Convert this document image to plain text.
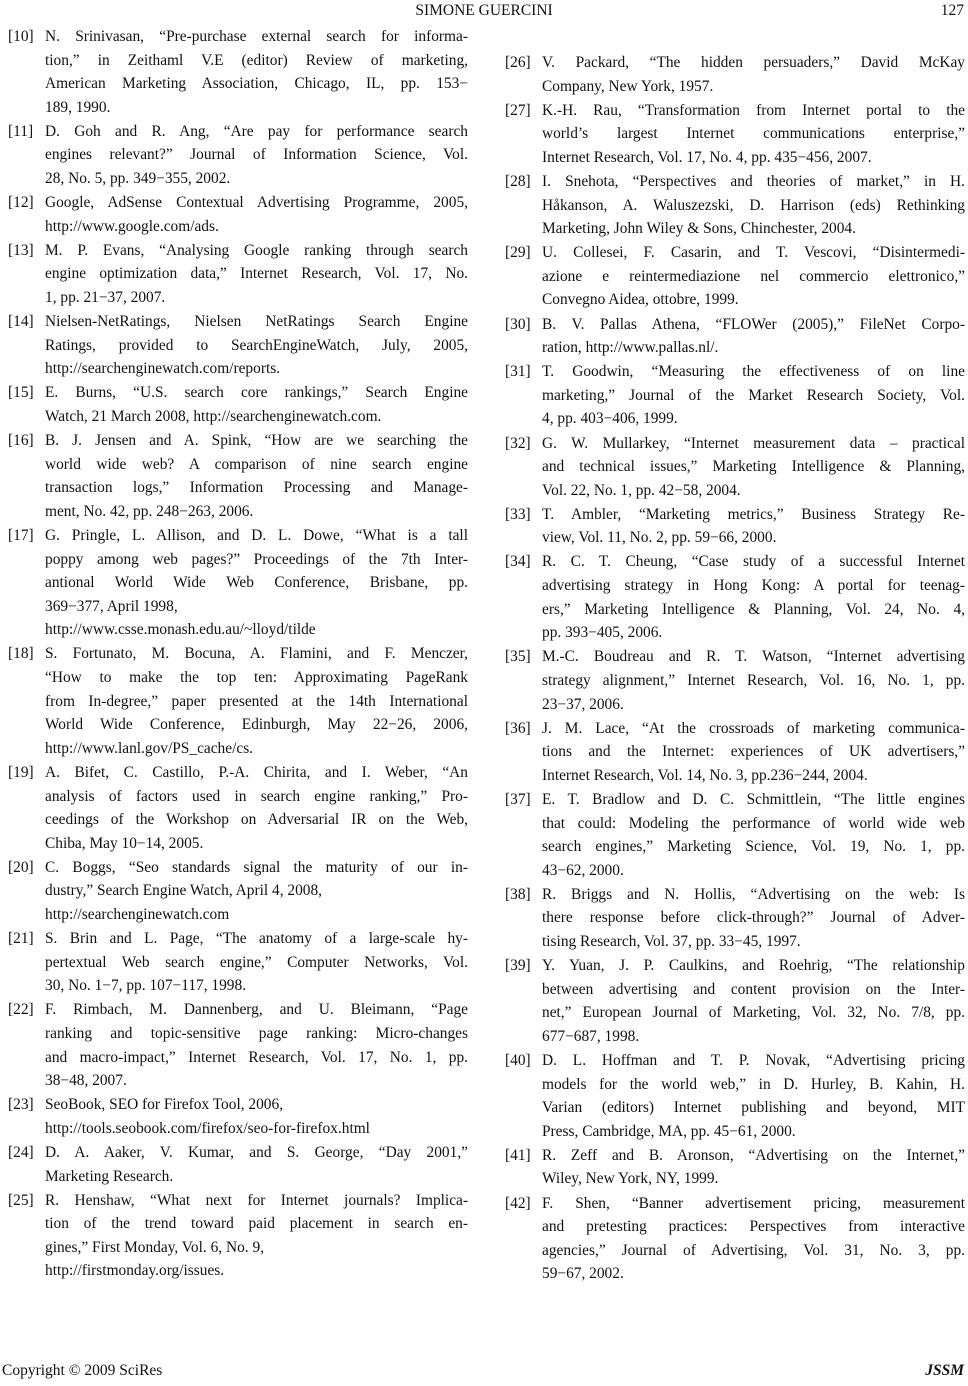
SIMONE GUERCINI	127
[10] N. Srinivasan, “Pre-purchase external search for informa-
tion,” in Zeithaml V.E (editor) Review of marketing,
American Marketing Association, Chicago, IL, pp. 153−
189, 1990.
[11] D. Goh and R. Ang, “Are pay for performance search
engines relevant?” Journal of Information Science, Vol.
28, No. 5, pp. 349−355, 2002.
[12] Google, AdSense Contextual Advertising Programme, 2005,
http://www.google.com/ads.
[13] M. P. Evans, “Analysing Google ranking through search
engine optimization data,” Internet Research, Vol. 17, No.
1, pp. 21−37, 2007.
[14] Nielsen-NetRatings, Nielsen NetRatings Search Engine
Ratings, provided to SearchEngineWatch, July, 2005,
http://searchenginewatch.com/reports.
[15] E. Burns, “U.S. search core rankings,” Search Engine
Watch, 21 March 2008, http://searchenginewatch.com.
[16] B. J. Jensen and A. Spink, “How are we searching the
world wide web? A comparison of nine search engine
transaction logs,” Information Processing and Manage-
ment, No. 42, pp. 248−263, 2006.
[17] G. Pringle, L. Allison, and D. L. Dowe, “What is a tall
poppy among web pages?” Proceedings of the 7th Inter-
antional World Wide Web Conference, Brisbane, pp.
369−377, April 1998,
http://www.csse.monash.edu.au/~lloyd/tilde
[18] S. Fortunato, M. Bocuna, A. Flamini, and F. Menczer,
“How to make the top ten: Approximating PageRank
from In-degree,” paper presented at the 14th International
World Wide Conference, Edinburgh, May 22−26, 2006,
http://www.lanl.gov/PS_cache/cs.
[19] A. Bifet, C. Castillo, P.-A. Chirita, and I. Weber, “An
analysis of factors used in search engine ranking,” Pro-
ceedings of the Workshop on Adversarial IR on the Web,
Chiba, May 10−14, 2005.
[20] C. Boggs, “Seo standards signal the maturity of our in-
dustry,” Search Engine Watch, April 4, 2008,
http://searchenginewatch.com
[21] S. Brin and L. Page, “The anatomy of a large-scale hy-
pertextual Web search engine,” Computer Networks, Vol.
30, No. 1−7, pp. 107−117, 1998.
[22] F. Rimbach, M. Dannenberg, and U. Bleimann, “Page
ranking and topic-sensitive page ranking: Micro-changes
and macro-impact,” Internet Research, Vol. 17, No. 1, pp.
38−48, 2007.
[23] SeoBook, SEO for Firefox Tool, 2006,
http://tools.seobook.com/firefox/seo-for-firefox.html
[24] D. A. Aaker, V. Kumar, and S. George, “Day 2001,”
Marketing Research.
[25] R. Henshaw, “What next for Internet journals? Implica-
tion of the trend toward paid placement in search en-
gines,” First Monday, Vol. 6, No. 9,
http://firstmonday.org/issues.
[26] V. Packard, “The hidden persuaders,” David McKay
Company, New York, 1957.
[27] K.-H. Rau, “Transformation from Internet portal to the
world’s largest Internet communications enterprise,”
Internet Research, Vol. 17, No. 4, pp. 435−456, 2007.
[28] I. Snehota, “Perspectives and theories of market,” in H.
Håkanson, A. Waluszezski, D. Harrison (eds) Rethinking
Marketing, John Wiley & Sons, Chinchester, 2004.
[29] U. Collesei, F. Casarin, and T. Vescovi, “Disintermedi-
azione e reintermediazione nel commercio elettronico,”
Convegno Aidea, ottobre, 1999.
[30] B. V. Pallas Athena, “FLOWer (2005),” FileNet Corpo-
ration, http://www.pallas.nl/.
[31] T. Goodwin, “Measuring the effectiveness of on line
marketing,” Journal of the Market Research Society, Vol.
4, pp. 403−406, 1999.
[32] G. W. Mullarkey, “Internet measurement data – practical
and technical issues,” Marketing Intelligence & Planning,
Vol. 22, No. 1, pp. 42−58, 2004.
[33] T. Ambler, “Marketing metrics,” Business Strategy Re-
view, Vol. 11, No. 2, pp. 59−66, 2000.
[34] R. C. T. Cheung, “Case study of a successful Internet
advertising strategy in Hong Kong: A portal for teenag-
ers,” Marketing Intelligence & Planning, Vol. 24, No. 4,
pp. 393−405, 2006.
[35] M.-C. Boudreau and R. T. Watson, “Internet advertising
strategy alignment,” Internet Research, Vol. 16, No. 1, pp.
23−37, 2006.
[36] J. M. Lace, “At the crossroads of marketing communica-
tions and the Internet: experiences of UK advertisers,”
Internet Research, Vol. 14, No. 3, pp.236−244, 2004.
[37] E. T. Bradlow and D. C. Schmittlein, “The little engines
that could: Modeling the performance of world wide web
search engines,” Marketing Science, Vol. 19, No. 1, pp.
43−62, 2000.
[38] R. Briggs and N. Hollis, “Advertising on the web: Is
there response before click-through?” Journal of Adver-
tising Research, Vol. 37, pp. 33−45, 1997.
[39] Y. Yuan, J. P. Caulkins, and Roehrig, “The relationship
between advertising and content provision on the Inter-
net,” European Journal of Marketing, Vol. 32, No. 7/8, pp.
677−687, 1998.
[40] D. L. Hoffman and T. P. Novak, “Advertising pricing
models for the world web,” in D. Hurley, B. Kahin, H.
Varian (editors) Internet publishing and beyond, MIT
Press, Cambridge, MA, pp. 45−61, 2000.
[41] R. Zeff and B. Aronson, “Advertising on the Internet,”
Wiley, New York, NY, 1999.
[42] F. Shen, “Banner advertisement pricing, measurement
and pretesting practices: Perspectives from interactive
agencies,” Journal of Advertising, Vol. 31, No. 3, pp.
59−67, 2002.
Copyright © 2009 SciRes	JSSM
